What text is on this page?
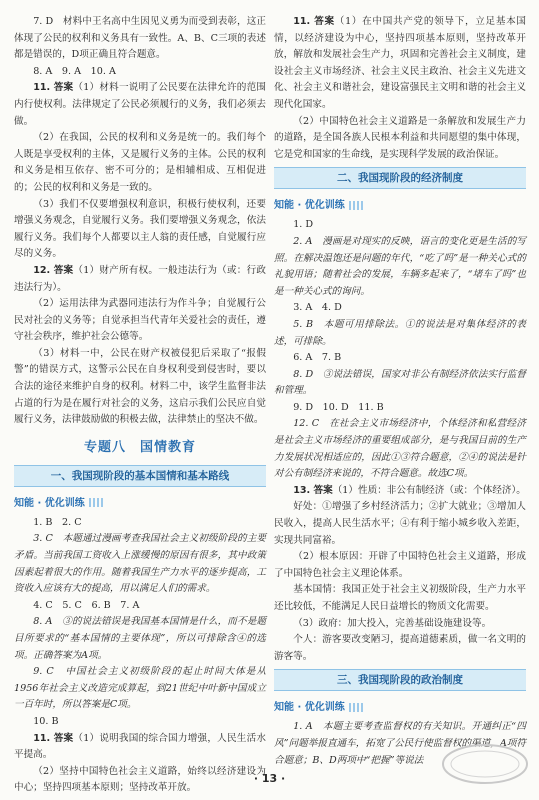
7. D　材料中王名高中生因见义勇为而受到表彰，这正体现了公民的权利和义务具有一致性。A、B、C三项的表述都是错误的，D项正确且符合题意。

8. A　9. A　10. A

11. 答案（1）材料一说明了公民要在法律允许的范围内行使权利。法律规定了公民必须履行的义务，我们必须去做。

（2）在我国，公民的权利和义务是统一的。我们每个人既是享受权利的主体，又是履行义务的主体。公民的权利和义务是相互依存、密不可分的；是相辅相成、互相促进的；公民的权利和义务是一致的。

（3）我们不仅要增强权利意识，积极行使权利，还要增强义务观念，自觉履行义务。我们要增强义务观念，依法履行义务。我们每个人都要以主人翁的责任感，自觉履行应尽的义务。

12. 答案（1）财产所有权。一般违法行为（或：行政违法行为）。

（2）运用法律为武器同违法行为作斗争；自觉履行公民对社会的义务等；自觉承担当代青年关爱社会的责任，遵守社会秩序，维护社会公德等。

（3）材料一中，公民在财产权被侵犯后采取了“报假警”的错误方式，这警示公民在自身权利受到侵害时，要以合法的途径来维护自身的权利。材料二中，该学生监督非法占道的行为是在履行对社会的义务，这启示我们公民应自觉履行义务，法律鼓励做的积极去做，法律禁止的坚决不做。

专题八　国情教育
一、我国现阶段的基本国情和基本路线
知能 · 优化训练

1. B　2. C

3. C　本题通过漫画考查我国社会主义初级阶段的主要矛盾。当前我国工资收入上涨缓慢的原因有很多，其中政策因素起着很大的作用。随着我国生产力水平的逐步提高，工资收入应该有大的提高，用以满足人们的需求。

4. C　5. C　6. B　7. A

8. A　③的说法错误是我国基本国情是什么，而不是题目所要求的“基本国情的主要体现”，所以可排除含④的选项。正确答案为A项。

9. C　中国社会主义初级阶段的起止时间大体是从1956年社会主义改造完成算起，到21世纪中叶新中国成立一百年时，所以答案是C项。

10. B

11. 答案（1）说明我国的综合国力增强，人民生活水平提高。

（2）坚持中国特色社会主义道路，始终以经济建设为中心；坚持四项基本原则；坚持改革开放。

11. 答案（1）在中国共产党的领导下，立足基本国情，以经济建设为中心，坚持四项基本原则，坚持改革开放，解放和发展社会生产力，巩固和完善社会主义制度，建设社会主义市场经济、社会主义民主政治、社会主义先进文化、社会主义和谐社会，建设富强民主文明和谐的社会主义现代化国家。

（2）中国特色社会主义道路是一条解放和发展生产力的道路，是全国各族人民根本利益和共同愿望的集中体现，它是党和国家的生命线，是实现科学发展的政治保证。

二、我国现阶段的经济制度
知能 · 优化训练

1. D

2. A　漫画是对现实的反映，语言的变化更是生活的写照。在解决温饱还是问题的年代，“吃了吗”是一种关心式的礼貌用语；随着社会的发展，车辆多起来了，“堵车了吗”也是一种关心式的询问。

3. A　4. D

5. B　本题可用排除法。①的说法是对集体经济的表述，可排除。

6. A　7. B

8. D　③说法错误，国家对非公有制经济依法实行监督和管理。

9. D　10. D　11. B

12. C　在社会主义市场经济中，个体经济和私营经济是社会主义市场经济的重要组成部分，是与我国目前的生产力发展状况相适应的，因此①③符合题意，②④的说法是针对公有制经济来说的，不符合题意。故选C项。

13. 答案（1）性质：非公有制经济（或：个体经济）。

好处：①增强了乡村经济活力；②扩大就业；③增加人民收入，提高人民生活水平；④有利于缩小城乡收入差距，实现共同富裕。

（2）根本原因：开辟了中国特色社会主义道路，形成了中国特色社会主义理论体系。

基本国情：我国正处于社会主义初级阶段，生产力水平还比较低，不能满足人民日益增长的物质文化需要。

（3）政府：加大投入，完善基础设施建设等。

个人：游客要改变陋习，提高道德素质，做一名文明的游客等。

三、我国现阶段的政治制度
知能 · 优化训练

1. A　本题主要考查监督权的有关知识。开通纠正“四风”问题举报直通车，拓宽了公民行使监督权的渠道，A项符合题意；B、D两项中“把握”等说法

· 13 ·
